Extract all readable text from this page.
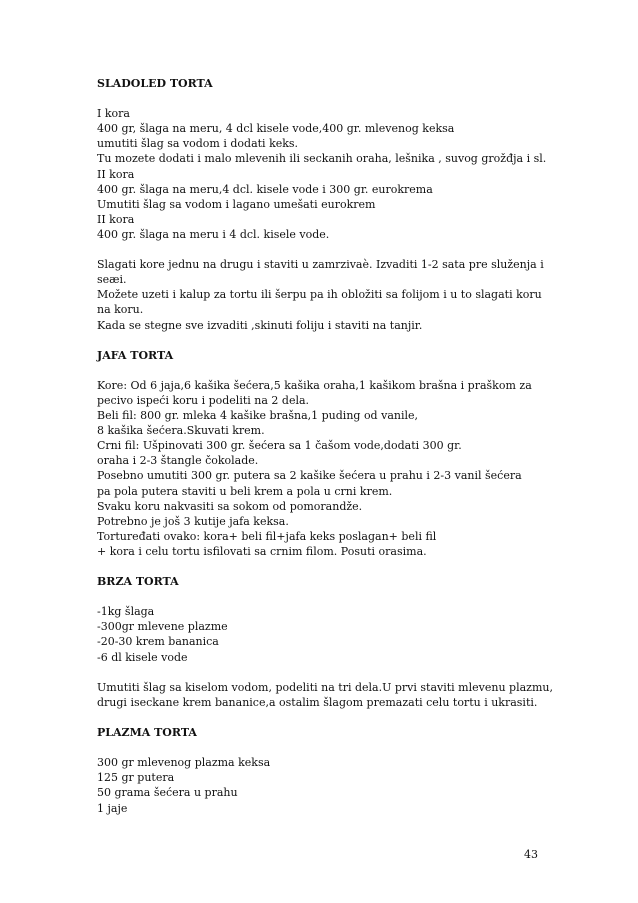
SLADOLED TORTA
I kora
400 gr, šlaga na meru, 4 dcl kisele vode,400 gr. mlevenog keksa
umutiti šlag sa vodom i dodati keks.
Tu mozete dodati i malo mlevenih ili seckanih oraha, lešnika , suvog grožđja i sl.
II kora
400 gr. šlaga na meru,4 dcl. kisele vode i 300 gr. eurokrema
Umutiti šlag sa vodom i lagano umešati eurokrem
II kora
400 gr. šlaga na meru i 4 dcl. kisele vode.
Slagati kore jednu na drugu i staviti u zamrzivaè. Izvaditi 1-2 sata pre služenja i
seæi.
Možete uzeti i kalup za tortu ili šerpu pa ih obložiti sa folijom i u to slagati koru
na koru.
Kada se stegne sve izvaditi ,skinuti foliju i staviti na tanjir.
JAFA TORTA
Kore: Od 6 jaja,6 kašika šećera,5 kašika oraha,1 kašikom brašna i praškom za
pecivo ispeći koru i podeliti na 2 dela.
Beli fil: 800 gr. mleka 4 kašike brašna,1 puding od vanile,
8 kašika šećera.Skuvati krem.
Crni fil: Ušpinovati 300 gr. šećera sa 1 čašom vode,dodati 300 gr.
oraha i 2-3 štangle čokolade.
Posebno umutiti 300 gr. putera sa 2 kašike šećera u prahu i 2-3 vanil šećera
pa pola putera staviti u beli krem a pola u crni krem.
Svaku koru nakvasiti sa sokom od pomorandže.
Potrebno je još 3 kutije jafa keksa.
Tortuređati ovako: kora+ beli fil+jafa keks poslagan+ beli fil
+ kora i celu tortu isfilovati sa crnim filom. Posuti orasima.
BRZA TORTA
-1kg šlaga
-300gr mlevene plazme
-20-30 krem bananica
-6 dl kisele vode
Umutiti šlag sa kiselom vodom, podeliti na tri dela.U prvi staviti mlevenu plazmu,
drugi iseckane krem bananice,a ostalim šlagom premazati celu tortu i ukrasiti.
PLAZMA TORTA
300 gr mlevenog plazma keksa
125 gr putera
50 grama šećera u prahu
1 jaje
43
